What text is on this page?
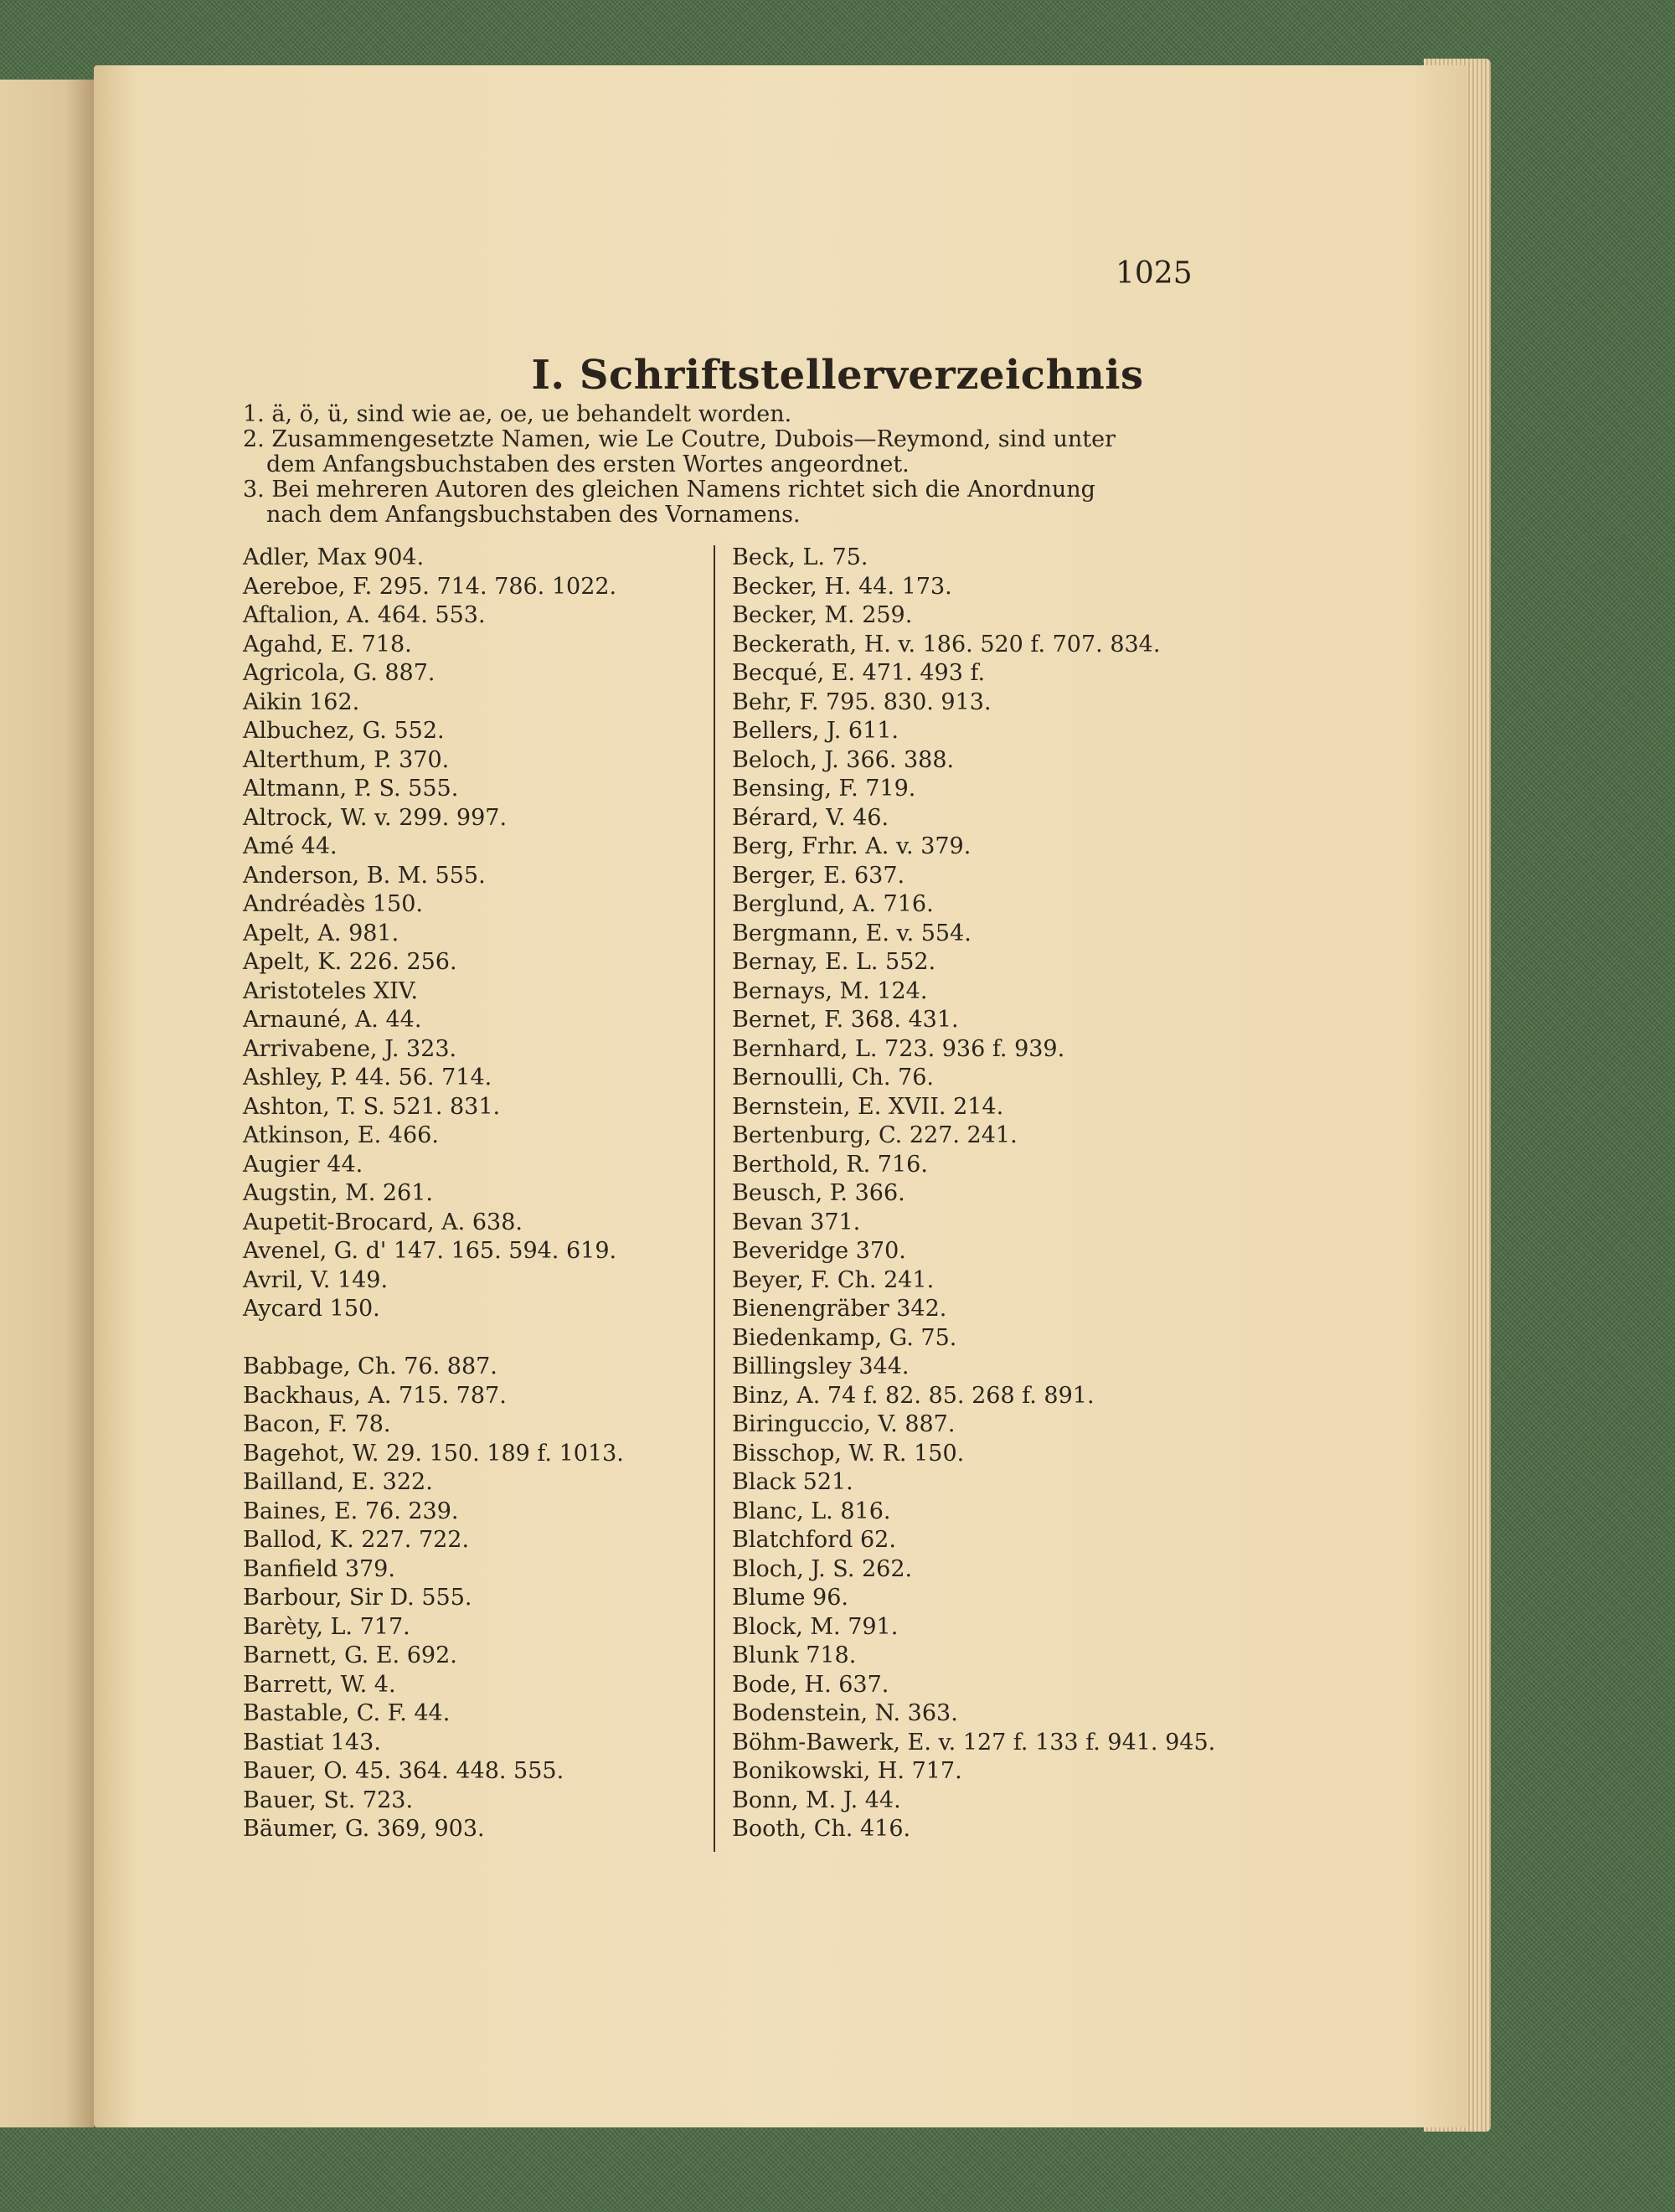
1025
I. Schriftstellerverzeichnis
1. ä, ö, ü, sind wie ae, oe, ue behandelt worden.
2. Zusammengesetzte Namen, wie Le Coutre, Dubois—Reymond, sind unter
dem Anfangsbuchstaben des ersten Wortes angeordnet.
3. Bei mehreren Autoren des gleichen Namens richtet sich die Anordnung
nach dem Anfangsbuchstaben des Vornamens.
Adler, Max 904.
Aereboe, F. 295. 714. 786. 1022.
Aftalion, A. 464. 553.
Agahd, E. 718.
Agricola, G. 887.
Aikin 162.
Albuchez, G. 552.
Alterthum, P. 370.
Altmann, P. S. 555.
Altrock, W. v. 299. 997.
Amé 44.
Anderson, B. M. 555.
Andréadès 150.
Apelt, A. 981.
Apelt, K. 226. 256.
Aristoteles XIV.
Arnauné, A. 44.
Arrivabene, J. 323.
Ashley, P. 44. 56. 714.
Ashton, T. S. 521. 831.
Atkinson, E. 466.
Augier 44.
Augstin, M. 261.
Aupetit-Brocard, A. 638.
Avenel, G. d' 147. 165. 594. 619.
Avril, V. 149.
Aycard 150.
Babbage, Ch. 76. 887.
Backhaus, A. 715. 787.
Bacon, F. 78.
Bagehot, W. 29. 150. 189 f. 1013.
Bailland, E. 322.
Baines, E. 76. 239.
Ballod, K. 227. 722.
Banfield 379.
Barbour, Sir D. 555.
Barèty, L. 717.
Barnett, G. E. 692.
Barrett, W. 4.
Bastable, C. F. 44.
Bastiat 143.
Bauer, O. 45. 364. 448. 555.
Bauer, St. 723.
Bäumer, G. 369, 903.
Beck, L. 75.
Becker, H. 44. 173.
Becker, M. 259.
Beckerath, H. v. 186. 520 f. 707. 834.
Becqué, E. 471. 493 f.
Behr, F. 795. 830. 913.
Bellers, J. 611.
Beloch, J. 366. 388.
Bensing, F. 719.
Bérard, V. 46.
Berg, Frhr. A. v. 379.
Berger, E. 637.
Berglund, A. 716.
Bergmann, E. v. 554.
Bernay, E. L. 552.
Bernays, M. 124.
Bernet, F. 368. 431.
Bernhard, L. 723. 936 f. 939.
Bernoulli, Ch. 76.
Bernstein, E. XVII. 214.
Bertenburg, C. 227. 241.
Berthold, R. 716.
Beusch, P. 366.
Bevan 371.
Beveridge 370.
Beyer, F. Ch. 241.
Bienengräber 342.
Biedenkamp, G. 75.
Billingsley 344.
Binz, A. 74 f. 82. 85. 268 f. 891.
Biringuccio, V. 887.
Bisschop, W. R. 150.
Black 521.
Blanc, L. 816.
Blatchford 62.
Bloch, J. S. 262.
Blume 96.
Block, M. 791.
Blunk 718.
Bode, H. 637.
Bodenstein, N. 363.
Böhm-Bawerk, E. v. 127 f. 133 f. 941. 945.
Bonikowski, H. 717.
Bonn, M. J. 44.
Booth, Ch. 416.
